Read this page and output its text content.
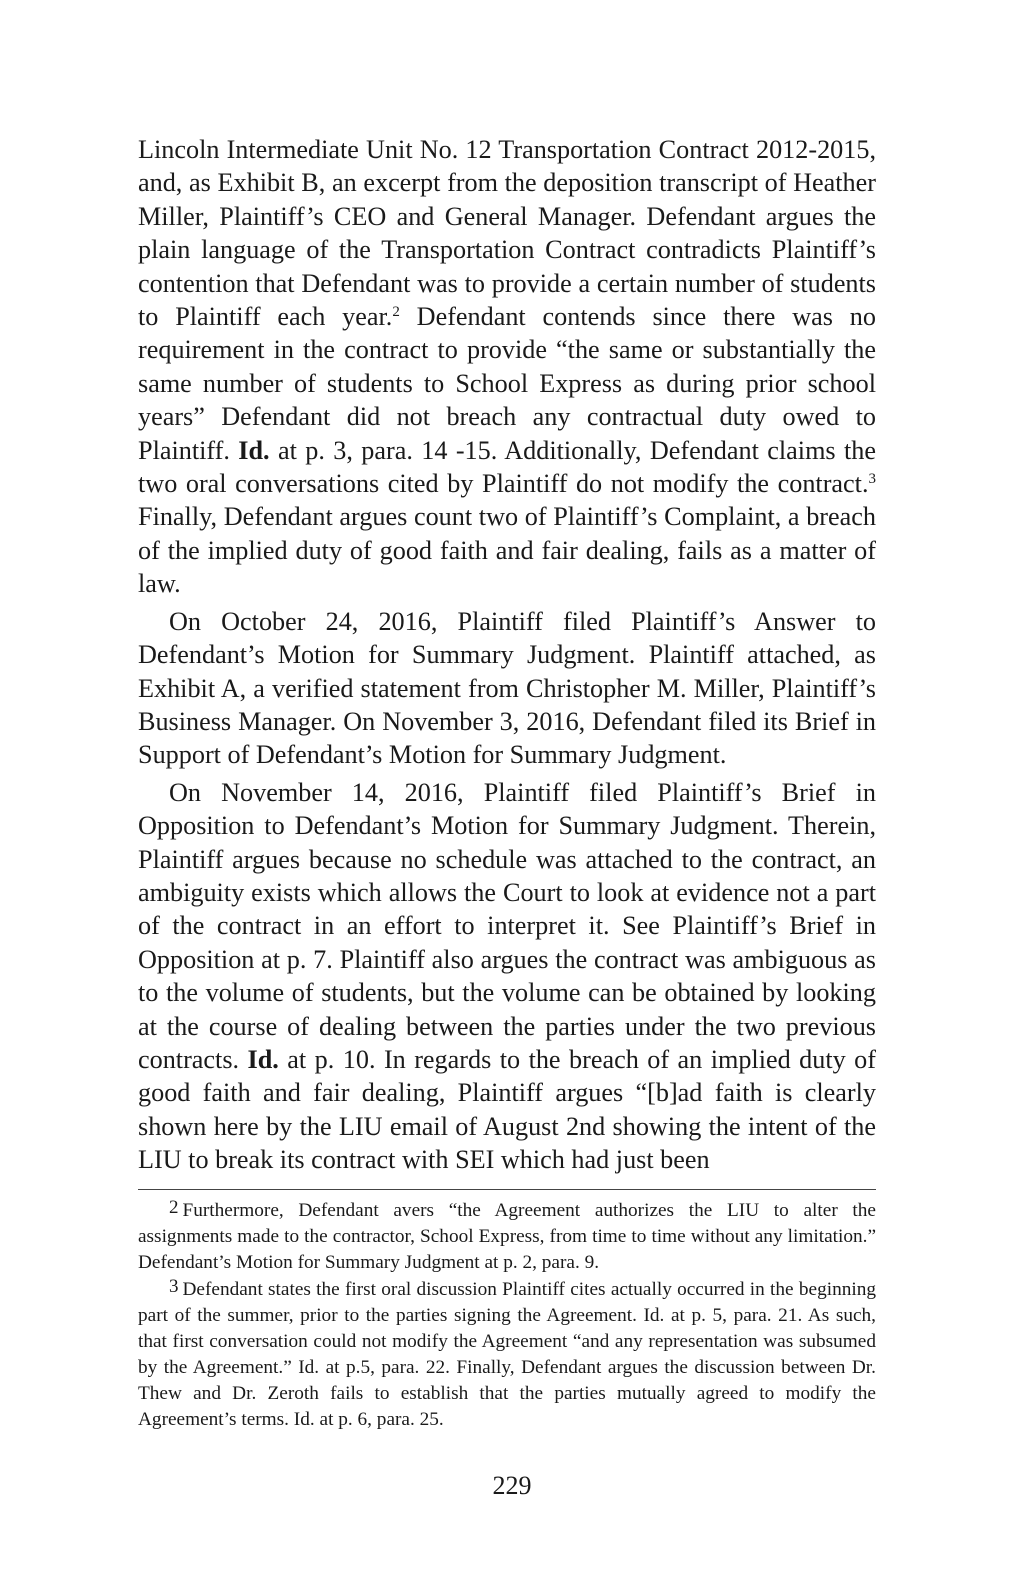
Lincoln Intermediate Unit No. 12 Transportation Contract 2012-2015, and, as Exhibit B, an excerpt from the deposition transcript of Heather Miller, Plaintiff’s CEO and General Manager. Defendant argues the plain language of the Transportation Contract contradicts Plaintiff’s contention that Defendant was to provide a certain number of students to Plaintiff each year.$^2$ Defendant contends since there was no requirement in the contract to provide “the same or substantially the same number of students to School Express as during prior school years” Defendant did not breach any contractual duty owed to Plaintiff. Id. at p. 3, para. 14 -15. Additionally, Defendant claims the two oral conversations cited by Plaintiff do not modify the contract.$^3$ Finally, Defendant argues count two of Plaintiff’s Complaint, a breach of the implied duty of good faith and fair dealing, fails as a matter of law.

On October 24, 2016, Plaintiff filed Plaintiff’s Answer to Defendant’s Motion for Summary Judgment. Plaintiff attached, as Exhibit A, a verified statement from Christopher M. Miller, Plaintiff’s Business Manager. On November 3, 2016, Defendant filed its Brief in Support of Defendant’s Motion for Summary Judgment.

On November 14, 2016, Plaintiff filed Plaintiff’s Brief in Opposition to Defendant’s Motion for Summary Judgment. Therein, Plaintiff argues because no schedule was attached to the contract, an ambiguity exists which allows the Court to look at evidence not a part of the contract in an effort to interpret it. See Plaintiff’s Brief in Opposition at p. 7. Plaintiff also argues the contract was ambiguous as to the volume of students, but the volume can be obtained by looking at the course of dealing between the parties under the two previous contracts. Id. at p. 10. In regards to the breach of an implied duty of good faith and fair dealing, Plaintiff argues “[b]ad faith is clearly shown here by the LIU email of August 2nd showing the intent of the LIU to break its contract with SEI which had just been

2 Furthermore, Defendant avers “the Agreement authorizes the LIU to alter the assignments made to the contractor, School Express, from time to time without any limitation.” Defendant’s Motion for Summary Judgment at p. 2, para. 9.

3 Defendant states the first oral discussion Plaintiff cites actually occurred in the beginning part of the summer, prior to the parties signing the Agreement. Id. at p. 5, para. 21. As such, that first conversation could not modify the Agreement “and any representation was subsumed by the Agreement.” Id. at p.5, para. 22. Finally, Defendant argues the discussion between Dr. Thew and Dr. Zeroth fails to establish that the parties mutually agreed to modify the Agreement’s terms. Id. at p. 6, para. 25.

229
